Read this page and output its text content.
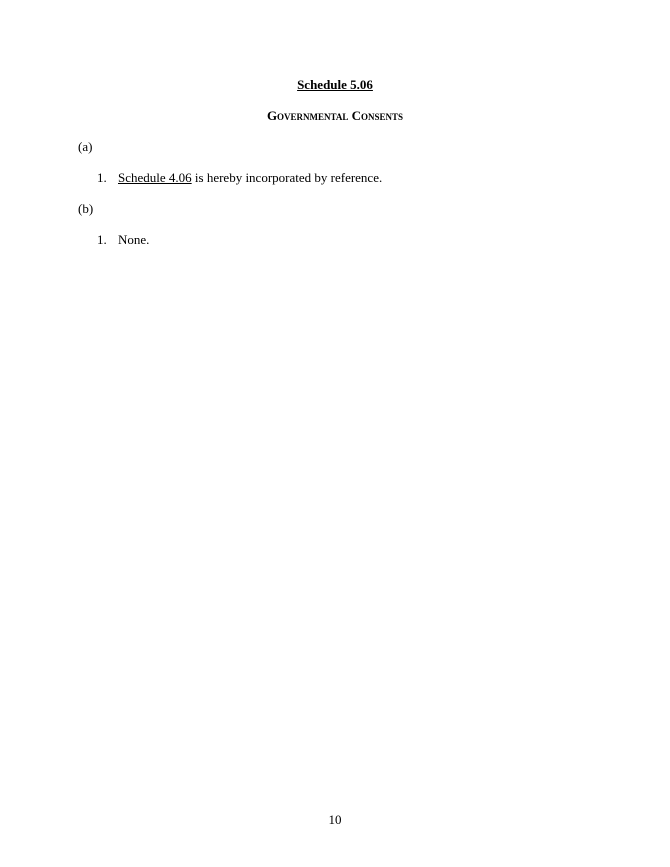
Schedule 5.06

Governmental Consents

(a)

1. Schedule 4.06 is hereby incorporated by reference.

(b)

1. None.

10
